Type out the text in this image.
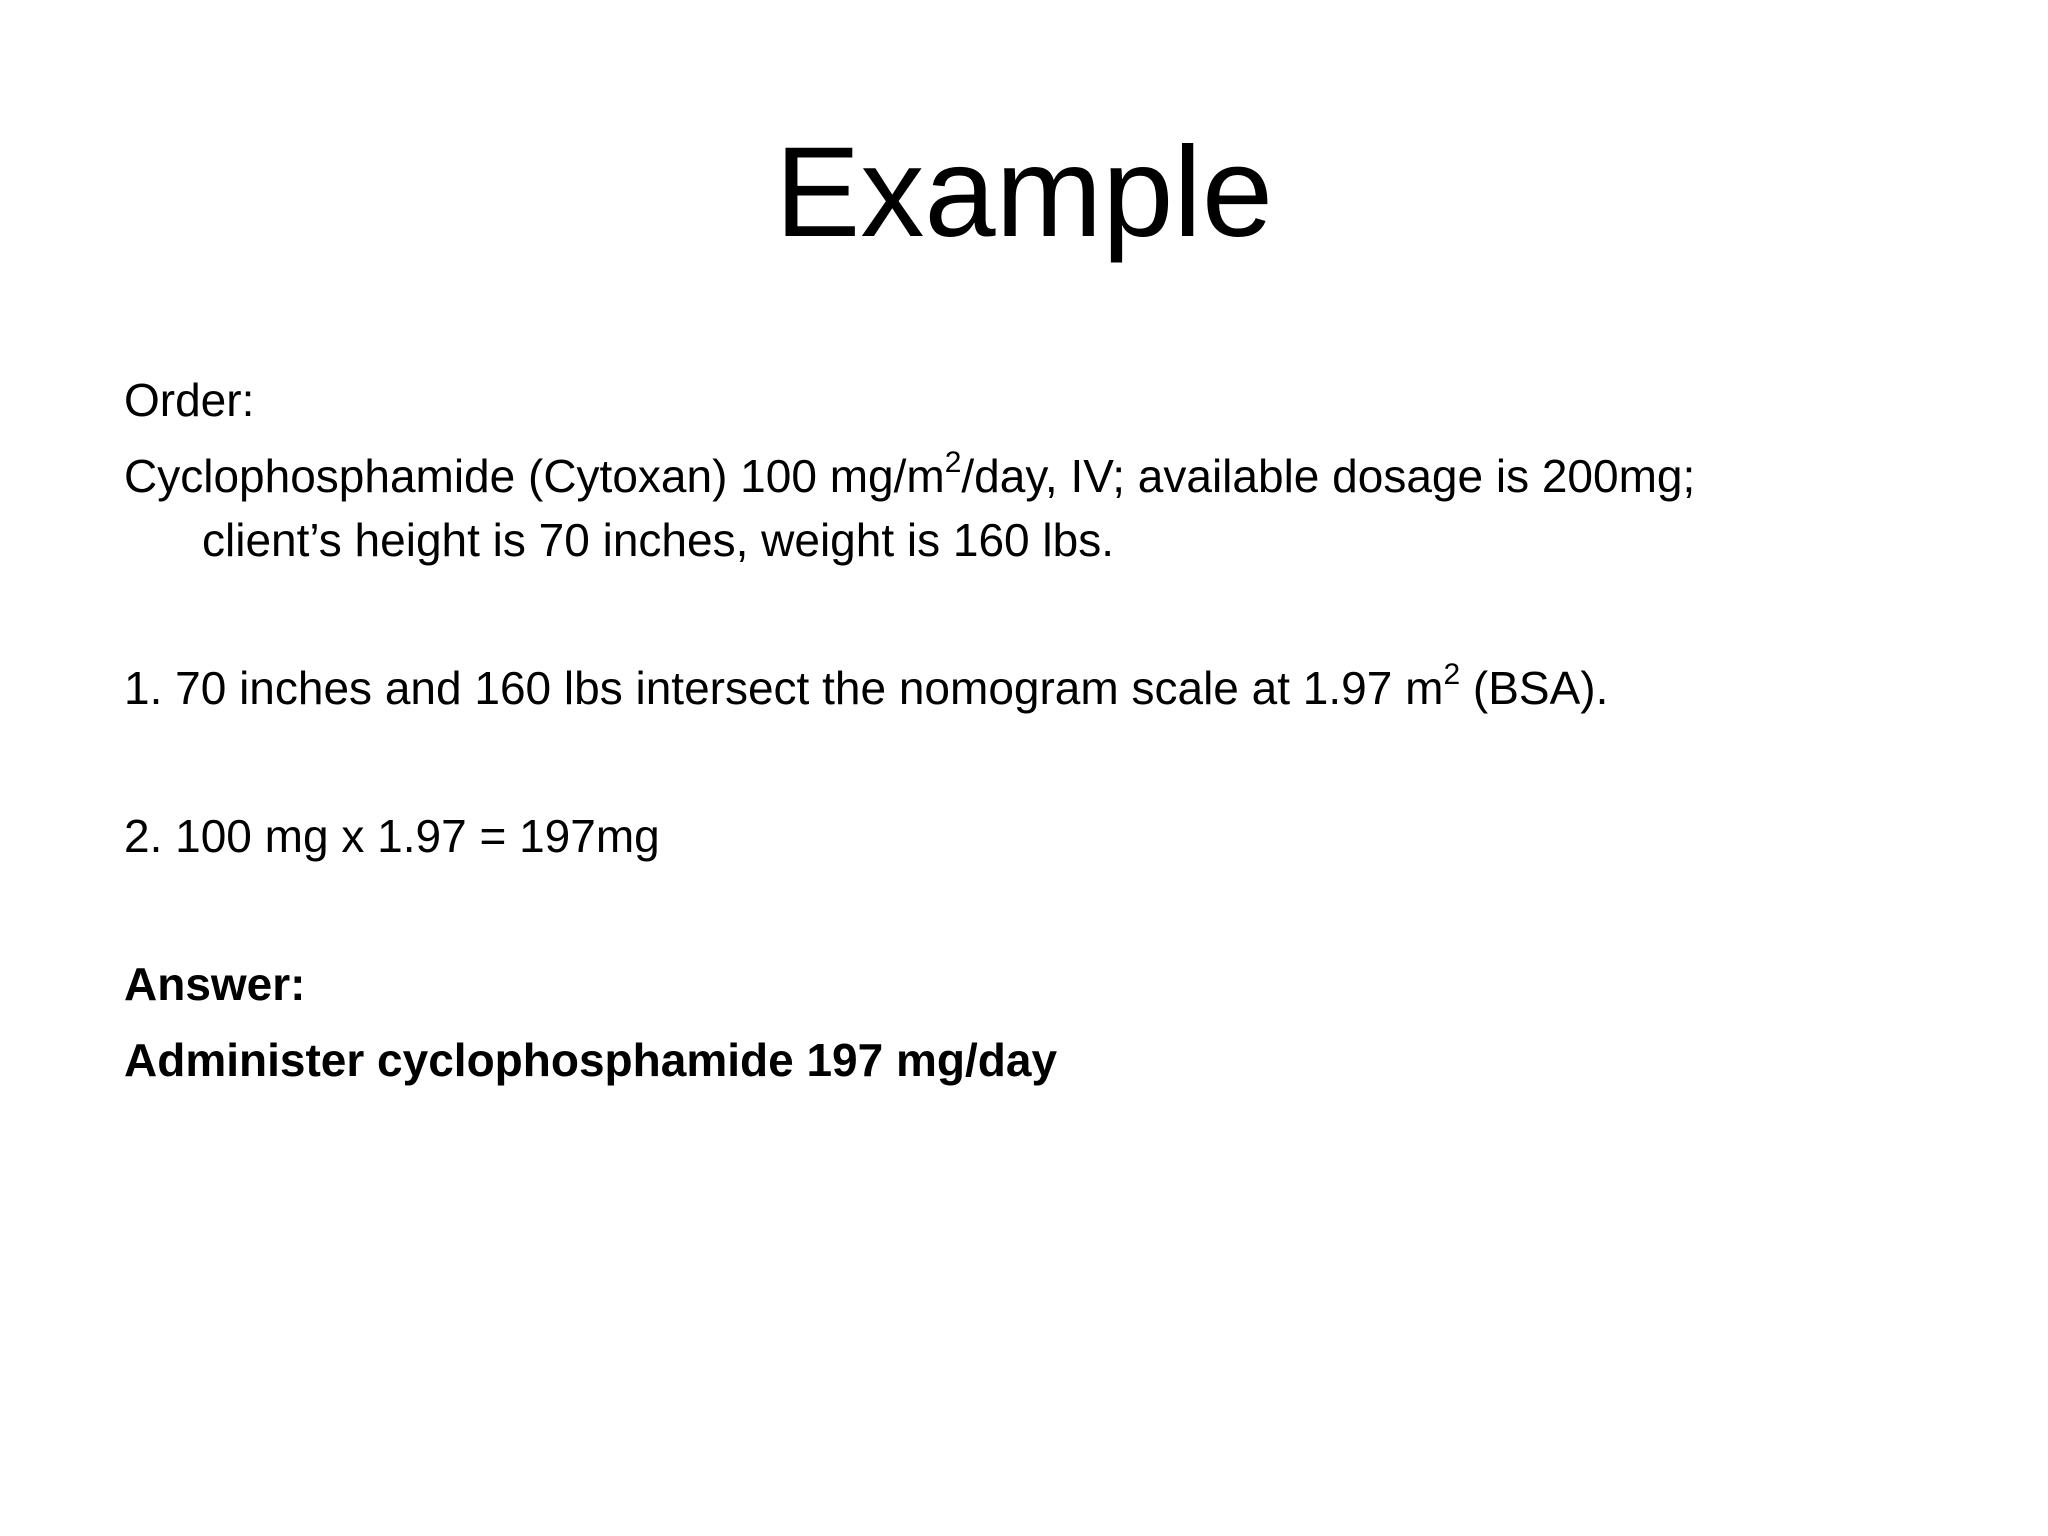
Example

Order:

Cyclophosphamide (Cytoxan) 100 $mg/m^2$/day, IV; available dosage is 200mg;

client’s height is 70 inches, weight is 160 lbs.

1. 70 inches and 160 lbs intersect the nomogram scale at 1.97 $m^2$ (BSA).

2. 100 mg x 1.97 = 197mg

Answer:

Administer cyclophosphamide 197 mg/day
